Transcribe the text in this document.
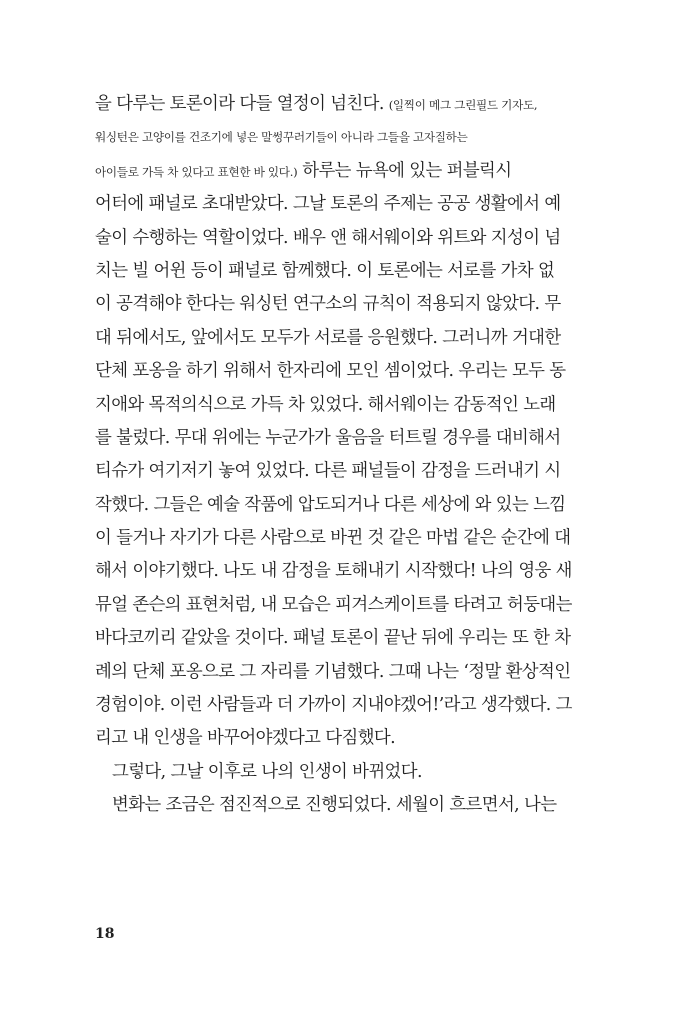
을 다루는 토론이라 다들 열정이 넘친다. (일찍이 메그 그린필드 기자도,
워싱턴은 고양이를 건조기에 넣은 말썽꾸러기들이 아니라 그들을 고자질하는
아이들로 가득 차 있다고 표현한 바 있다.) 하루는 뉴욕에 있는 퍼블릭시
어터에 패널로 초대받았다. 그날 토론의 주제는 공공 생활에서 예
술이 수행하는 역할이었다. 배우 앤 해서웨이와 위트와 지성이 넘
치는 빌 어윈 등이 패널로 함께했다. 이 토론에는 서로를 가차 없
이 공격해야 한다는 워싱턴 연구소의 규칙이 적용되지 않았다. 무
대 뒤에서도, 앞에서도 모두가 서로를 응원했다. 그러니까 거대한
단체 포옹을 하기 위해서 한자리에 모인 셈이었다. 우리는 모두 동
지애와 목적의식으로 가득 차 있었다. 해서웨이는 감동적인 노래
를 불렀다. 무대 위에는 누군가가 울음을 터트릴 경우를 대비해서
티슈가 여기저기 놓여 있었다. 다른 패널들이 감정을 드러내기 시
작했다. 그들은 예술 작품에 압도되거나 다른 세상에 와 있는 느낌
이 들거나 자기가 다른 사람으로 바뀐 것 같은 마법 같은 순간에 대
해서 이야기했다. 나도 내 감정을 토해내기 시작했다! 나의 영웅 새
뮤얼 존슨의 표현처럼, 내 모습은 피겨스케이트를 타려고 허둥대는
바다코끼리 같았을 것이다. 패널 토론이 끝난 뒤에 우리는 또 한 차
례의 단체 포옹으로 그 자리를 기념했다. 그때 나는 ‘정말 환상적인
경험이야. 이런 사람들과 더 가까이 지내야겠어!’라고 생각했다. 그
리고 내 인생을 바꾸어야겠다고 다짐했다.
그렇다, 그날 이후로 나의 인생이 바뀌었다.
변화는 조금은 점진적으로 진행되었다. 세월이 흐르면서, 나는
18
